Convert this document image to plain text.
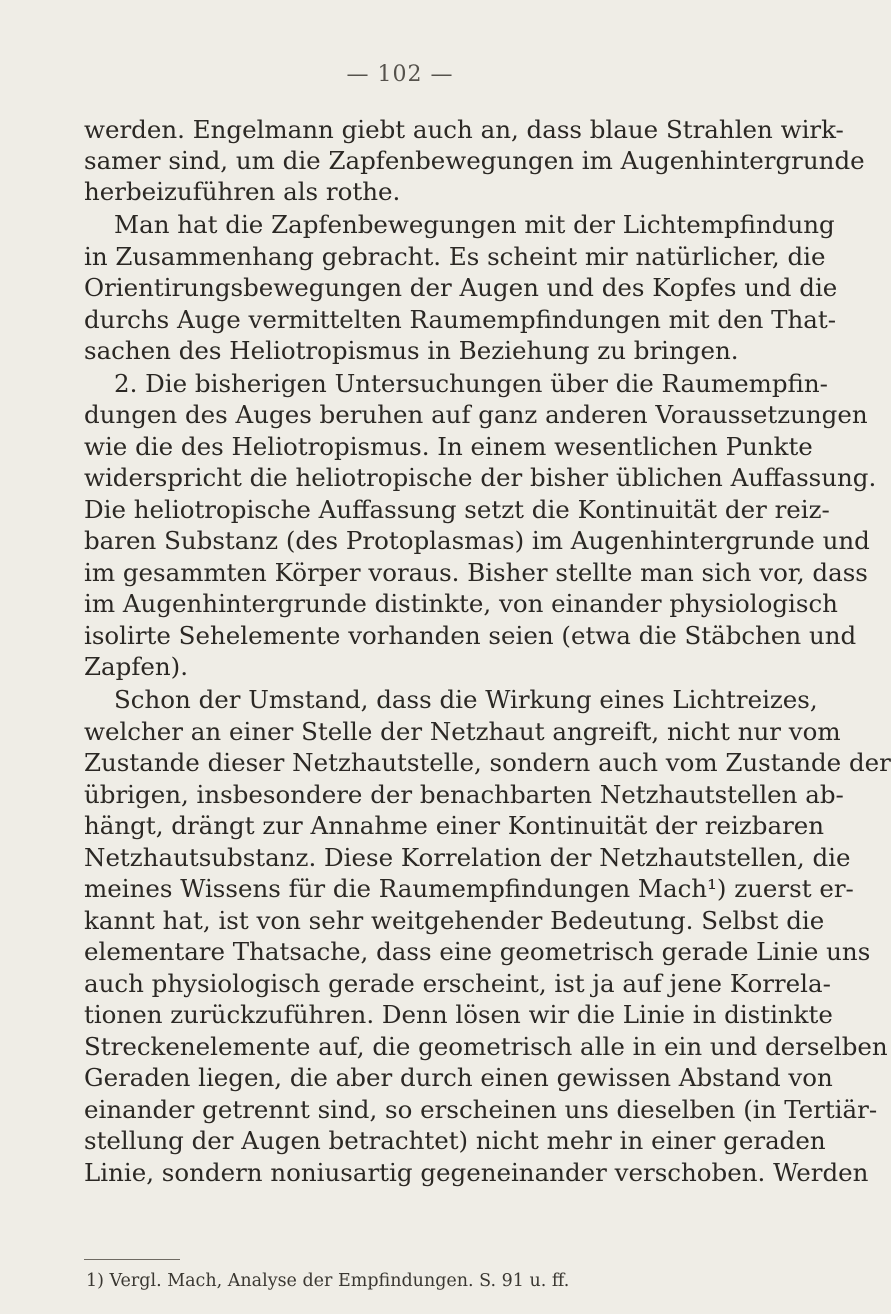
— 102 —
werden. Engelmann giebt auch an, dass blaue Strahlen wirk-
samer sind, um die Zapfenbewegungen im Augenhintergrunde
herbeizuführen als rothe.
Man hat die Zapfenbewegungen mit der Lichtempfindung
in Zusammenhang gebracht. Es scheint mir natürlicher, die
Orientirungsbewegungen der Augen und des Kopfes und die
durchs Auge vermittelten Raumempfindungen mit den That-
sachen des Heliotropismus in Beziehung zu bringen.
2. Die bisherigen Untersuchungen über die Raumempfin-
dungen des Auges beruhen auf ganz anderen Voraussetzungen
wie die des Heliotropismus. In einem wesentlichen Punkte
widerspricht die heliotropische der bisher üblichen Auffassung.
Die heliotropische Auffassung setzt die Kontinuität der reiz-
baren Substanz (des Protoplasmas) im Augenhintergrunde und
im gesammten Körper voraus. Bisher stellte man sich vor, dass
im Augenhintergrunde distinkte, von einander physiologisch
isolirte Sehelemente vorhanden seien (etwa die Stäbchen und
Zapfen).
Schon der Umstand, dass die Wirkung eines Lichtreizes,
welcher an einer Stelle der Netzhaut angreift, nicht nur vom
Zustande dieser Netzhautstelle, sondern auch vom Zustande der
übrigen, insbesondere der benachbarten Netzhautstellen ab-
hängt, drängt zur Annahme einer Kontinuität der reizbaren
Netzhautsubstanz. Diese Korrelation der Netzhautstellen, die
meines Wissens für die Raumempfindungen Mach¹) zuerst er-
kannt hat, ist von sehr weitgehender Bedeutung. Selbst die
elementare Thatsache, dass eine geometrisch gerade Linie uns
auch physiologisch gerade erscheint, ist ja auf jene Korrela-
tionen zurückzuführen. Denn lösen wir die Linie in distinkte
Streckenelemente auf, die geometrisch alle in ein und derselben
Geraden liegen, die aber durch einen gewissen Abstand von
einander getrennt sind, so erscheinen uns dieselben (in Tertiär-
stellung der Augen betrachtet) nicht mehr in einer geraden
Linie, sondern noniusartig gegeneinander verschoben. Werden
1) Vergl. Mach, Analyse der Empfindungen. S. 91 u. ff.
